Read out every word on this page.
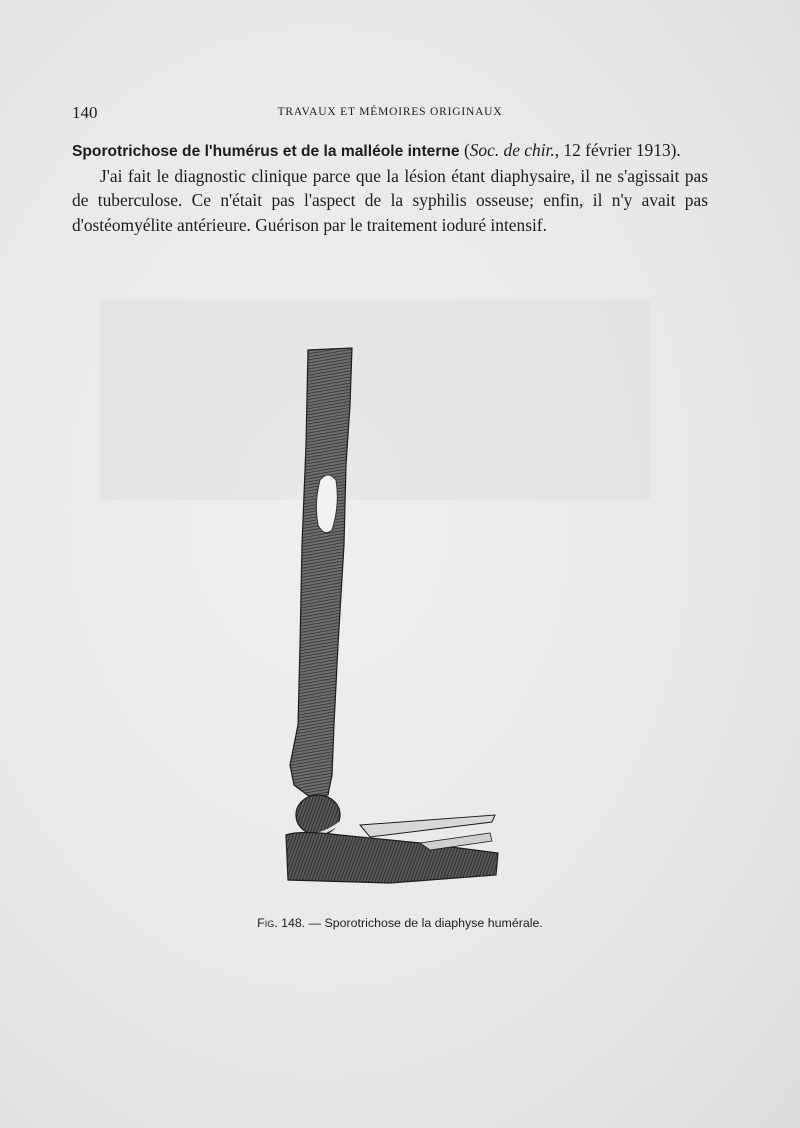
140	TRAVAUX ET MÉMOIRES ORIGINAUX

Sporotrichose de l'humérus et de la malléole interne (Soc. de chir., 12 février 1913).

J'ai fait le diagnostic clinique parce que la lésion étant diaphysaire, il ne s'agissait pas de tuberculose. Ce n'était pas l'aspect de la syphilis osseuse; enfin, il n'y avait pas d'ostéomyélite antérieure. Guérison par le traitement ioduré intensif.

Fig. 148. — Sporotrichose de la diaphyse humérale.
